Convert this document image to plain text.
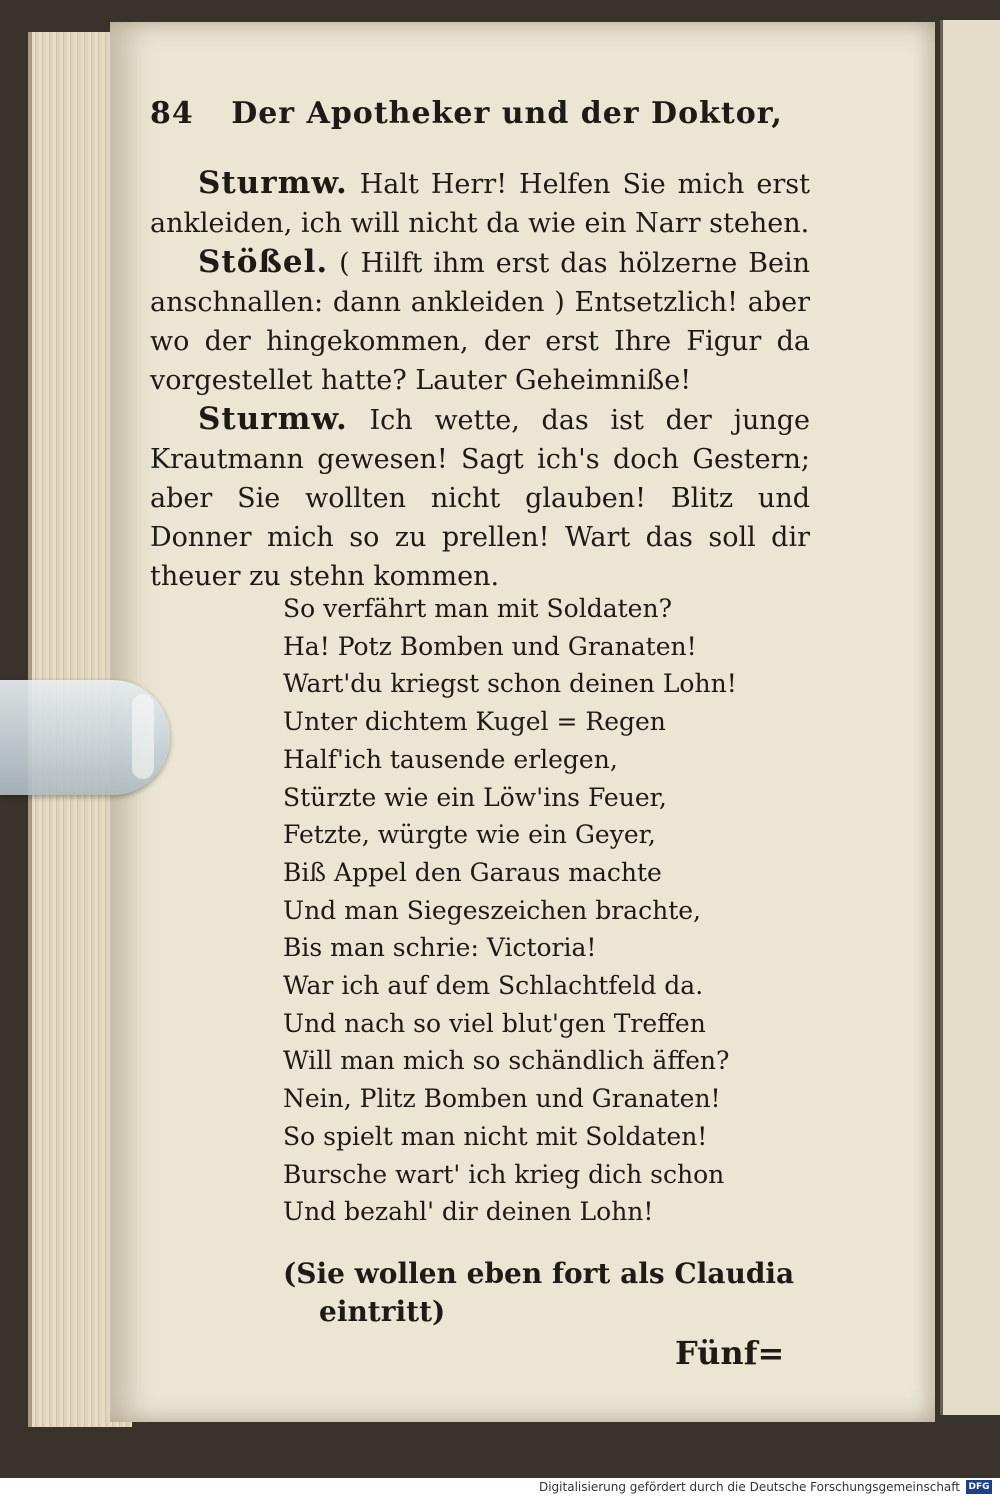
84 Der Apotheker und der Doktor,

Sturmw. Halt Herr! Helfen Sie mich erst ankleiden, ich will nicht da wie ein Narr stehen.

Stößel. ( Hilft ihm erst das hölzerne Bein anschnallen: dann ankleiden ) Entsetzlich! aber wo der hingekommen, der erst Ihre Figur da vorgestellet hatte? Lauter Geheimniße!

Sturmw. Ich wette, das ist der junge Krautmann gewesen! Sagt ich's doch Gestern; aber Sie wollten nicht glauben! Blitz und Donner mich so zu prellen! Wart das soll dir theuer zu stehn kommen.

So verfährt man mit Soldaten?
Ha! Potz Bomben und Granaten!
Wart'du kriegst schon deinen Lohn!
Unter dichtem Kugel = Regen
Half'ich tausende erlegen,
Stürzte wie ein Löw'ins Feuer,
Fetzte, würgte wie ein Geyer,
Biß Appel den Garaus machte
Und man Siegeszeichen brachte,
Bis man schrie: Victoria!
War ich auf dem Schlachtfeld da.
Und nach so viel blut'gen Treffen
Will man mich so schändlich äffen?
Nein, Plitz Bomben und Granaten!
So spielt man nicht mit Soldaten!
Bursche wart' ich krieg dich schon
Und bezahl' dir deinen Lohn!
(Sie wollen eben fort als Claudia
eintritt)
Fünf=
Digitalisierung gefördert durch die Deutsche Forschungsgemeinschaft DFG
